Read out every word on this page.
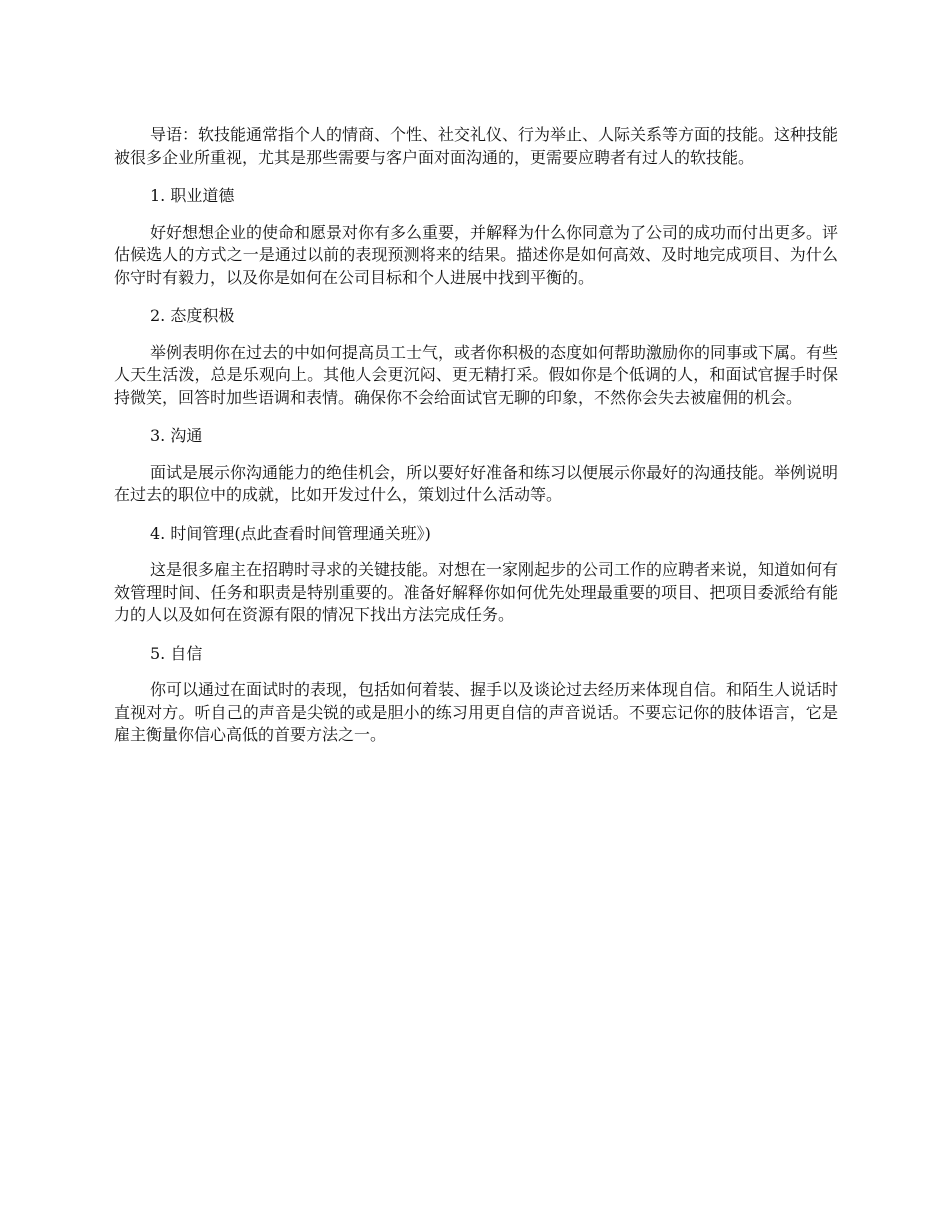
导语：软技能通常指个人的情商、个性、社交礼仪、行为举止、人际关系等方面的技能。这种技能被很多企业所重视，尤其是那些需要与客户面对面沟通的，更需要应聘者有过人的软技能。

1. 职业道德

好好想想企业的使命和愿景对你有多么重要，并解释为什么你同意为了公司的成功而付出更多。评估候选人的方式之一是通过以前的表现预测将来的结果。描述你是如何高效、及时地完成项目、为什么你守时有毅力，以及你是如何在公司目标和个人进展中找到平衡的。

2. 态度积极

举例表明你在过去的中如何提高员工士气，或者你积极的态度如何帮助激励你的同事或下属。有些人天生活泼，总是乐观向上。其他人会更沉闷、更无精打采。假如你是个低调的人，和面试官握手时保持微笑，回答时加些语调和表情。确保你不会给面试官无聊的印象，不然你会失去被雇佣的机会。

3. 沟通

面试是展示你沟通能力的绝佳机会，所以要好好准备和练习以便展示你最好的沟通技能。举例说明在过去的职位中的成就，比如开发过什么，策划过什么活动等。

4. 时间管理(点此查看时间管理通关班》)

这是很多雇主在招聘时寻求的关键技能。对想在一家刚起步的公司工作的应聘者来说，知道如何有效管理时间、任务和职责是特别重要的。准备好解释你如何优先处理最重要的项目、把项目委派给有能力的人以及如何在资源有限的情况下找出方法完成任务。

5. 自信

你可以通过在面试时的表现，包括如何着装、握手以及谈论过去经历来体现自信。和陌生人说话时直视对方。听自己的声音是尖锐的或是胆小的练习用更自信的声音说话。不要忘记你的肢体语言，它是雇主衡量你信心高低的首要方法之一。
